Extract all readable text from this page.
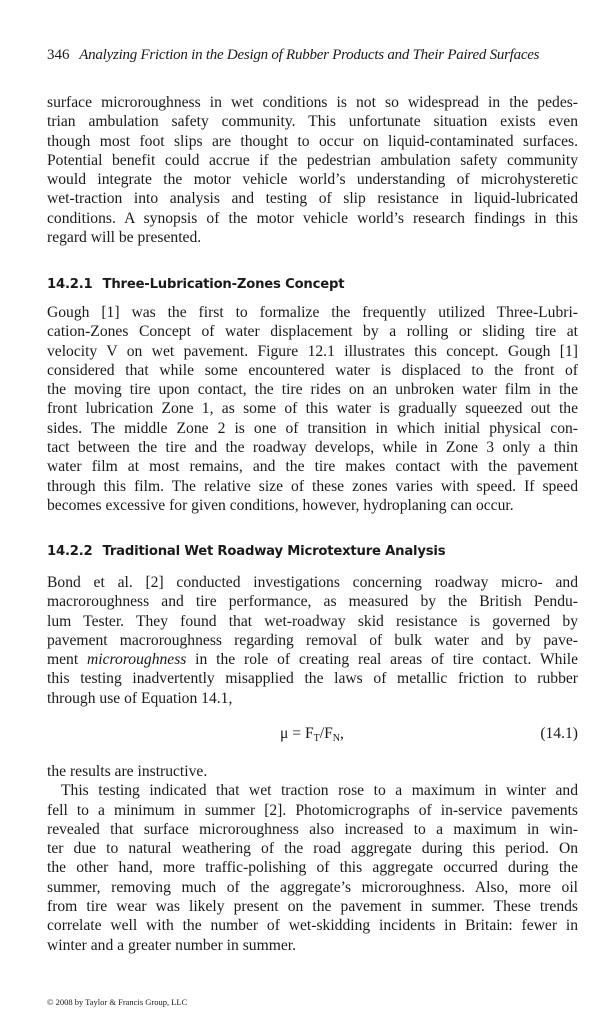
346 Analyzing Friction in the Design of Rubber Products and Their Paired Surfaces
surface microroughness in wet conditions is not so widespread in the pedes-
trian ambulation safety community. This unfortunate situation exists even
though most foot slips are thought to occur on liquid-contaminated surfaces.
Potential benefit could accrue if the pedestrian ambulation safety community
would integrate the motor vehicle world’s understanding of microhysteretic
wet-traction into analysis and testing of slip resistance in liquid-lubricated
conditions. A synopsis of the motor vehicle world’s research findings in this
regard will be presented.
14.2.1 Three-Lubrication-Zones Concept
Gough [1] was the first to formalize the frequently utilized Three-Lubri-
cation-Zones Concept of water displacement by a rolling or sliding tire at
velocity V on wet pavement. Figure 12.1 illustrates this concept. Gough [1]
considered that while some encountered water is displaced to the front of
the moving tire upon contact, the tire rides on an unbroken water film in the
front lubrication Zone 1, as some of this water is gradually squeezed out the
sides. The middle Zone 2 is one of transition in which initial physical con-
tact between the tire and the roadway develops, while in Zone 3 only a thin
water film at most remains, and the tire makes contact with the pavement
through this film. The relative size of these zones varies with speed. If speed
becomes excessive for given conditions, however, hydroplaning can occur.
14.2.2 Traditional Wet Roadway Microtexture Analysis
Bond et al. [2] conducted investigations concerning roadway micro- and
macroroughness and tire performance, as measured by the British Pendu-
lum Tester. They found that wet-roadway skid resistance is governed by
pavement macroroughness regarding removal of bulk water and by pave-
ment microroughness in the role of creating real areas of tire contact. While
this testing inadvertently misapplied the laws of metallic friction to rubber
through use of Equation 14.1,
$\mu = F_T/F_N$,	(14.1)
the results are instructive.
This testing indicated that wet traction rose to a maximum in winter and
fell to a minimum in summer [2]. Photomicrographs of in-service pavements
revealed that surface microroughness also increased to a maximum in win-
ter due to natural weathering of the road aggregate during this period. On
the other hand, more traffic-polishing of this aggregate occurred during the
summer, removing much of the aggregate’s microroughness. Also, more oil
from tire wear was likely present on the pavement in summer. These trends
correlate well with the number of wet-skidding incidents in Britain: fewer in
winter and a greater number in summer.
© 2008 by Taylor & Francis Group, LLC
